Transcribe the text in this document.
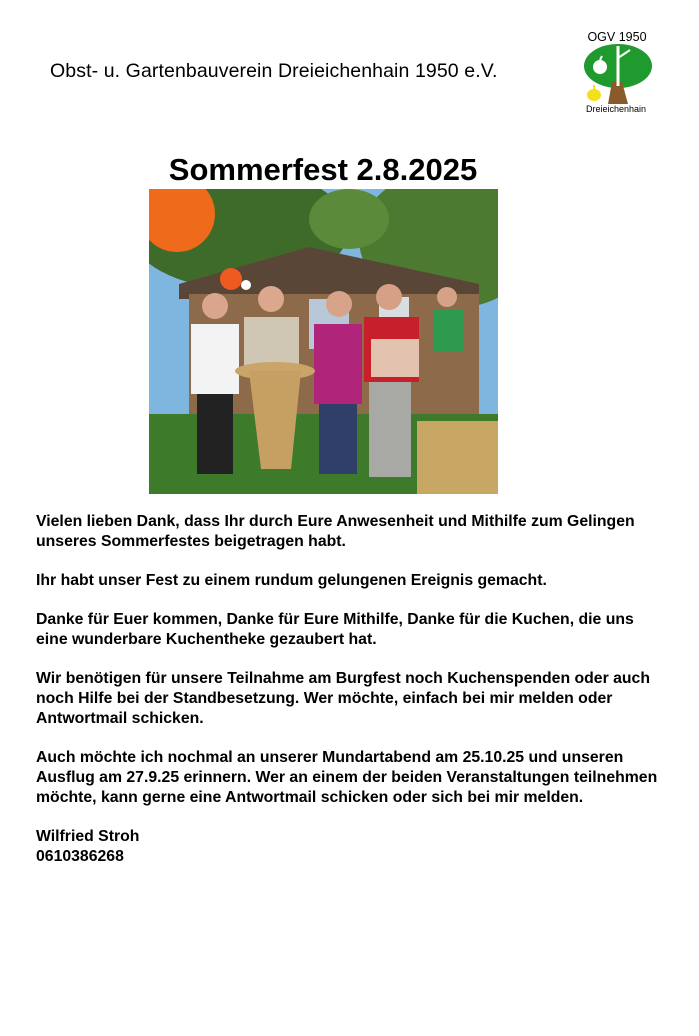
Obst- u. Gartenbauverein Dreieichenhain 1950 e.V.
OGV 1950
Dreieichenhain
Sommerfest 2.8.2025

Vielen lieben Dank, dass Ihr durch Eure Anwesenheit und Mithilfe zum Gelingen unseres Sommerfestes beigetragen habt.

Ihr habt unser Fest zu einem rundum gelungenen Ereignis gemacht.

Danke für Euer kommen, Danke für Eure Mithilfe, Danke für die Kuchen, die uns eine wunderbare Kuchentheke gezaubert hat.

Wir benötigen für unsere Teilnahme am Burgfest noch Kuchenspenden oder auch noch Hilfe bei der Standbesetzung. Wer möchte, einfach bei mir melden oder Antwortmail schicken.

Auch möchte ich nochmal an unserer Mundartabend am 25.10.25 und unseren Ausflug am 27.9.25 erinnern. Wer an einem der beiden Veranstaltungen teilnehmen möchte, kann gerne eine Antwortmail schicken oder sich bei mir melden.

Wilfried Stroh
0610386268
